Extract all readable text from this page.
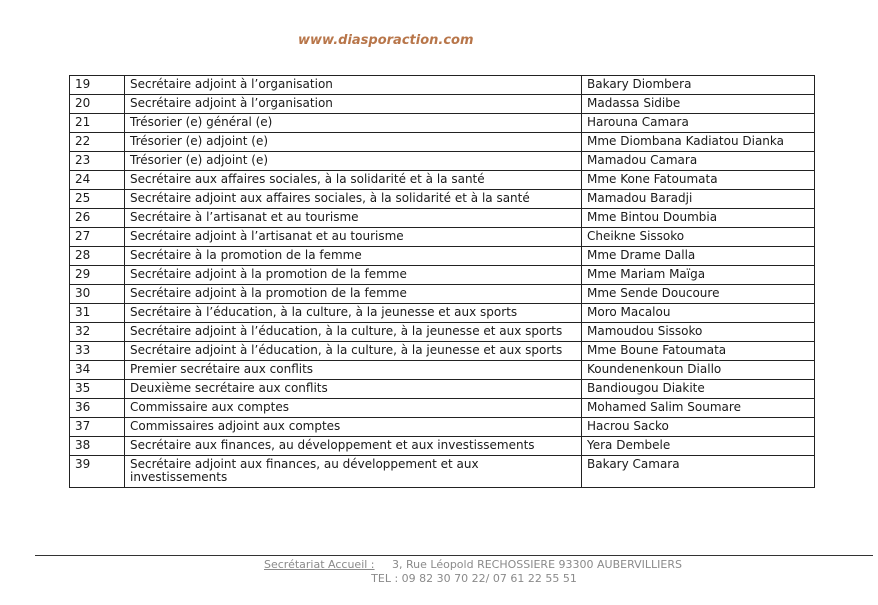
www.diasporaction.com
19	Secrétaire adjoint à l’organisation	Bakary Diombera
20	Secrétaire adjoint à l’organisation	Madassa Sidibe
21	Trésorier (e) général (e)	Harouna Camara
22	Trésorier (e) adjoint (e)	Mme Diombana Kadiatou Dianka
23	Trésorier (e) adjoint (e)	Mamadou Camara
24	Secrétaire aux affaires sociales, à la solidarité et à la santé	Mme Kone Fatoumata
25	Secrétaire adjoint aux affaires sociales, à la solidarité et à la santé	Mamadou Baradji
26	Secrétaire à l’artisanat et au tourisme	Mme Bintou Doumbia
27	Secrétaire adjoint à l’artisanat et au tourisme	Cheikne Sissoko
28	Secrétaire à la promotion de la femme	Mme Drame Dalla
29	Secrétaire adjoint à la promotion de la femme	Mme Mariam Maïga
30	Secrétaire adjoint à la promotion de la femme	Mme Sende Doucoure
31	Secrétaire à l’éducation, à la culture, à la jeunesse et aux sports	Moro Macalou
32	Secrétaire adjoint à l’éducation, à la culture, à la jeunesse et aux sports	Mamoudou Sissoko
33	Secrétaire adjoint à l’éducation, à la culture, à la jeunesse et aux sports	Mme Boune Fatoumata
34	Premier secrétaire aux conflits	Koundenenkoun Diallo
35	Deuxième secrétaire aux conflits	Bandiougou Diakite
36	Commissaire aux comptes	Mohamed Salim Soumare
37	Commissaires adjoint aux comptes	Hacrou Sacko
38	Secrétaire aux finances, au développement et aux investissements	Yera Dembele
39	Secrétaire adjoint aux finances, au développement et aux investissements	Bakary Camara
Secrétariat Accueil : 3, Rue Léopold RECHOSSIERE 93300 AUBERVILLIERS
TEL : 09 82 30 70 22/ 07 61 22 55 51
